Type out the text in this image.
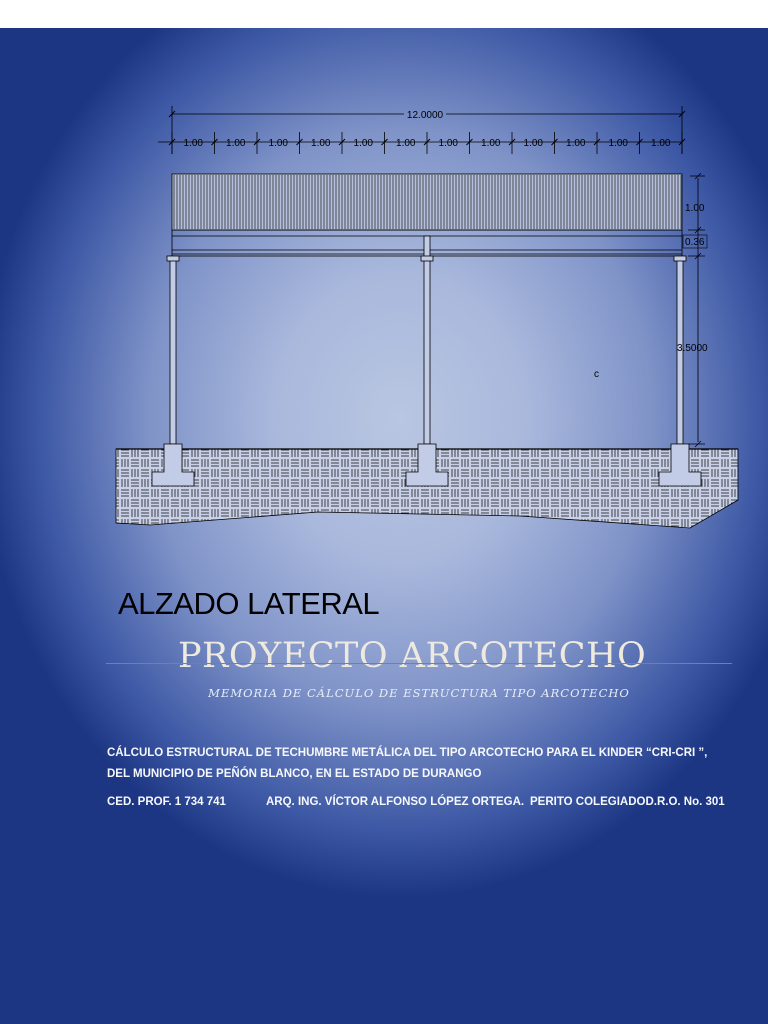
12.0000
1.00 1.00 1.00 1.00 1.00 1.00 1.00 1.00 1.00 1.00 1.00 1.00
1.00
0.36
3.5000
c
ALZADO LATERAL
PROYECTO ARCOTECHO

MEMORIA DE CÁLCULO DE ESTRUCTURA TIPO ARCOTECHO

CÁLCULO ESTRUCTURAL DE TECHUMBRE METÁLICA DEL TIPO ARCOTECHO PARA EL KINDER “CRI-CRI ”, DEL MUNICIPIO DE PEÑÓN BLANCO, EN EL ESTADO DE DURANGO

CED. PROF. 1 734 741	ARQ. ING. VÍCTOR ALFONSO LÓPEZ ORTEGA. PERITO COLEGIADOD.R.O. No. 301
